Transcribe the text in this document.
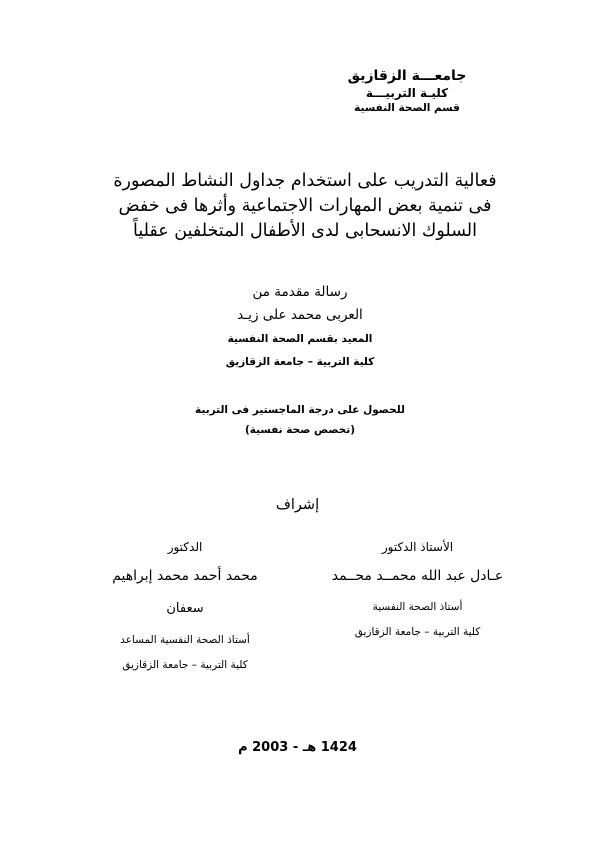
جامعـــة الزقازيق
كليـة التربيـــة
قسم الصحة النفسية
فعالية التدريب على استخدام جداول النشاط المصورة
فى تنمية بعض المهارات الاجتماعية وأثرها فى خفض
السلوك الانسحابى لدى الأطفال المتخلفين عقلياً
رسالة مقدمة من
العربى محمد على زيـد
المعيد بقسم الصحة النفسية
كلية التربية – جامعة الزقازيق
للحصول على درجة الماجستير فى التربية
(تخصص صحة نفسية)
إشراف
الأستاذ الدكتور
عـادل عبد الله محمــد محــمد
أستاذ الصحة النفسية
كلية التربية – جامعة الزقازيق
الدكتور
محمد أحمد محمد إبراهيم
سعفان
أستاذ الصحة النفسية المساعد
كلية التربية – جامعة الزقازيق
1424 هـ - 2003 م
